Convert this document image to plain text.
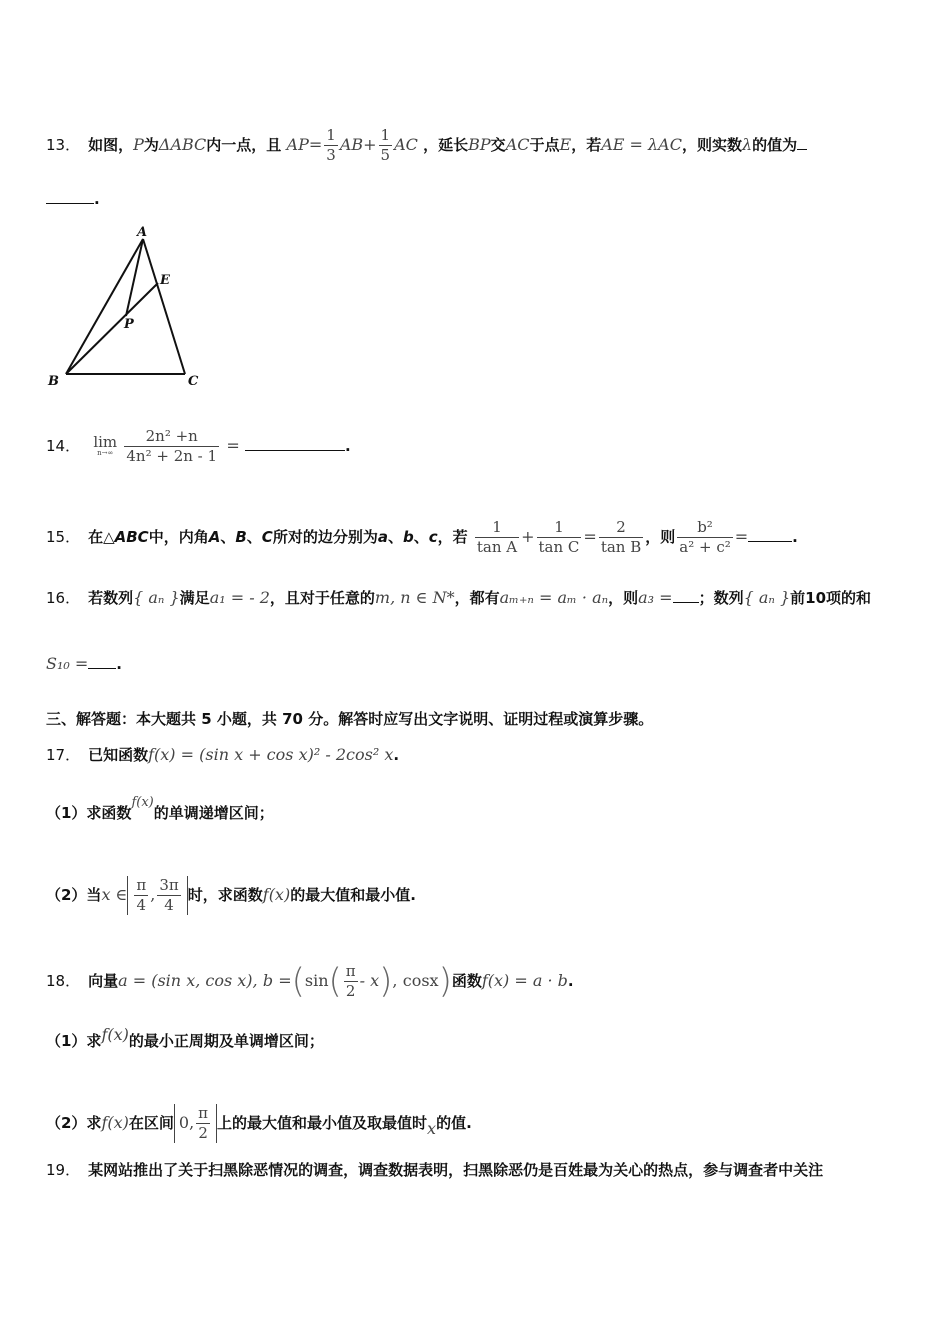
13． 如图，P为ΔABC内一点，且 $AP= \frac{1}{3} AB+ \frac{1}{5}$ AC ，延长BP交AC于点E，若AE = λAC，则实数λ的值为
.
A
E
P
B	C
14． lim
n→∞
$\frac{\text{2n² +n}}{\text{4n² + 2n - 1}}$ =	.
15． 在△ABC中，内角A、B、C所对的边分别为a、b、c，若 $\frac{1}{\text{tan A}} + \frac{1}{\text{tan C}} = \frac{2}{\text{tan B}}$ ，则 $\frac{\text{b²}}{\text{a² + c²}}$ =	.
16． 若数列{ aₙ }满足a₁ = - 2，且对于任意的m, n ∈ N*，都有aₘ₊ₙ = aₘ · aₙ，则a₃ = ；数列{ aₙ }前10项的和
S₁₀ = .
三、解答题：本大题共 5 小题，共 70 分。解答时应写出文字说明、证明过程或演算步骤。
17． 已知函数f(x) = (sin x + cos x)² - 2cos² x.
（1）求函数f(x)的单调递增区间；
（2）当x ∈ $\frac{\pi}{4}$ , $\frac{3\pi}{4}$ 时，求函数f(x)的最大值和最小值.
18． 向量a = (sin x, cos x), $b =(\sin( \frac{\pi}{2} - x)$, cosx)函数f(x) = a · b.
（1）求f(x)的最小正周期及单调增区间；
（2）求f(x)在区间 0, $\frac{\pi}{2}$ 上的最大值和最小值及取最值时x的值.
19． 某网站推出了关于扫黑除恶情况的调查，调查数据表明，扫黑除恶仍是百姓最为关心的热点，参与调查者中关注
